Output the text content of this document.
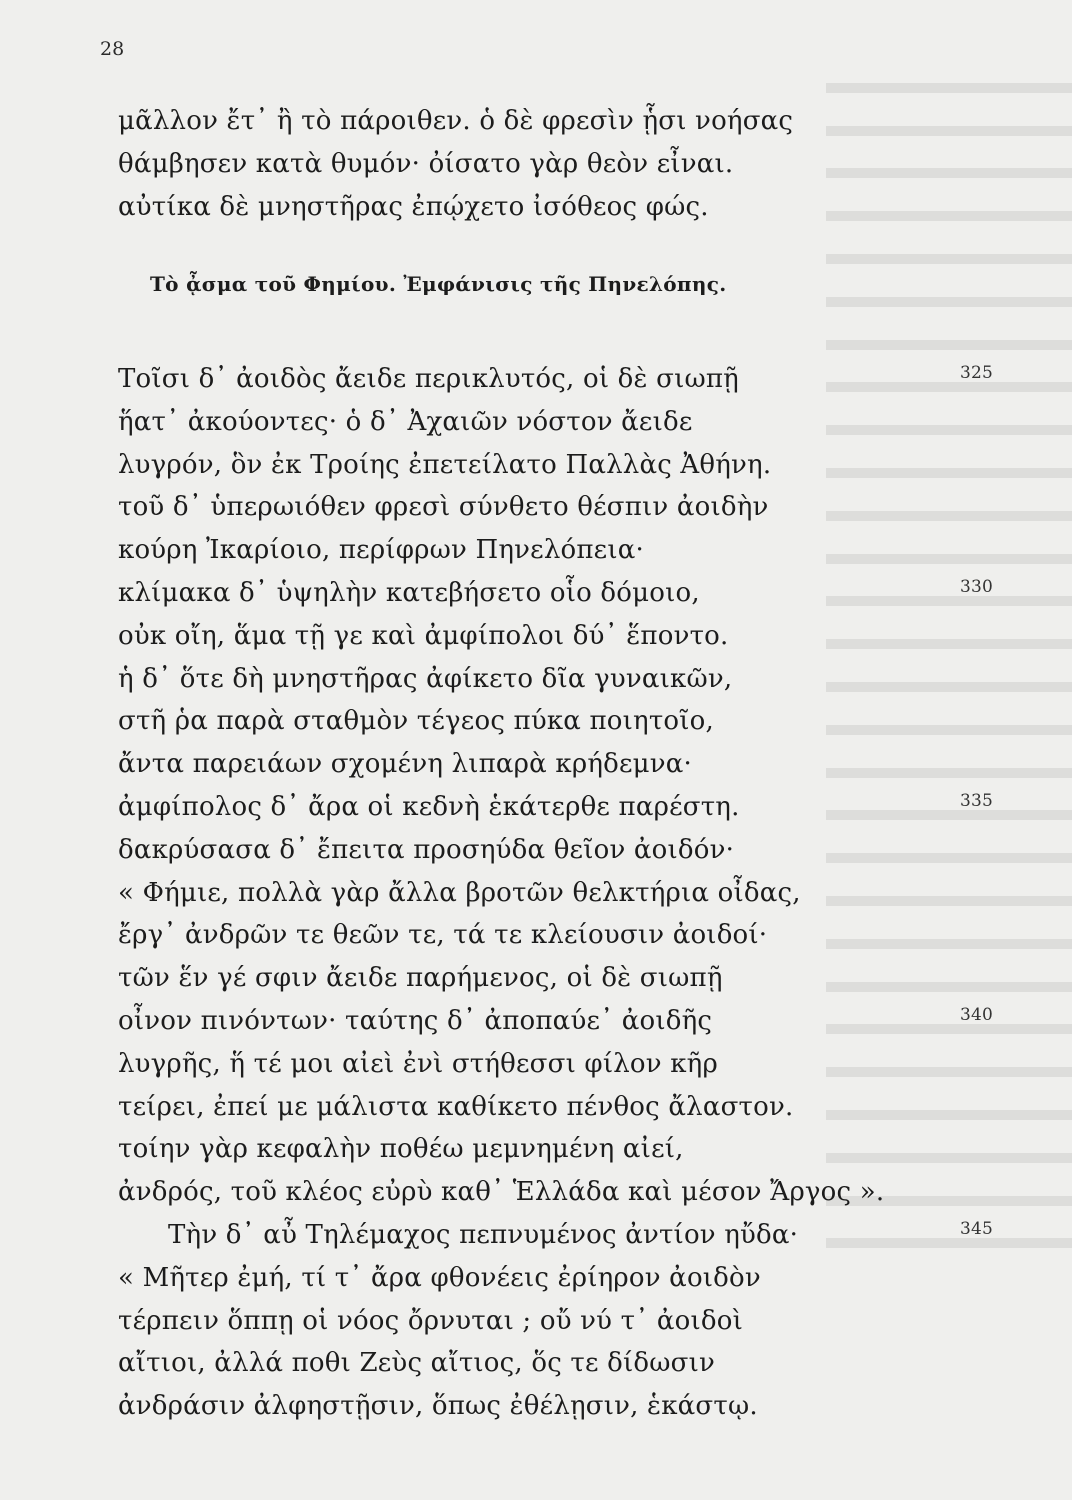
28
μᾶλλον ἔτ᾿ ἢ τὸ πάροιθεν. ὁ δὲ φρεσὶν ᾗσι νοήσας
θάμβησεν κατὰ θυμόν· ὀίσατο γὰρ θεὸν εἶναι.
αὐτίκα δὲ μνηστῆρας ἐπῴχετο ἰσόθεος φώς.
Τὸ ᾆσμα τοῦ Φημίου. Ἐμφάνισις τῆς Πηνελόπης.
Τοῖσι δ᾿ ἀοιδὸς ἄειδε περικλυτός, οἱ δὲ σιωπῇ	325
ἥατ᾿ ἀκούοντες· ὁ δ᾿ Ἀχαιῶν νόστον ἄειδε
λυγρόν, ὃν ἐκ Τροίης ἐπετείλατο Παλλὰς Ἀθήνη.
τοῦ δ᾿ ὑπερωιόθεν φρεσὶ σύνθετο θέσπιν ἀοιδὴν
κούρη Ἰκαρίοιο, περίφρων Πηνελόπεια·
κλίμακα δ᾿ ὑψηλὴν κατεβήσετο οἷο δόμοιο,	330
οὐκ οἴη, ἅμα τῇ γε καὶ ἀμφίπολοι δύ᾿ ἕποντο.
ἡ δ᾿ ὅτε δὴ μνηστῆρας ἀφίκετο δῖα γυναικῶν,
στῆ ῥα παρὰ σταθμὸν τέγεος πύκα ποιητοῖο,
ἄντα παρειάων σχομένη λιπαρὰ κρήδεμνα·
ἀμφίπολος δ᾿ ἄρα οἱ κεδνὴ ἑκάτερθε παρέστη.	335
δακρύσασα δ᾿ ἔπειτα προσηύδα θεῖον ἀοιδόν·
« Φήμιε, πολλὰ γὰρ ἄλλα βροτῶν θελκτήρια οἶδας,
ἔργ᾿ ἀνδρῶν τε θεῶν τε, τά τε κλείουσιν ἀοιδοί·
τῶν ἕν γέ σφιν ἄειδε παρήμενος, οἱ δὲ σιωπῇ
οἶνον πινόντων· ταύτης δ᾿ ἀποπαύε᾿ ἀοιδῆς	340
λυγρῆς, ἥ τέ μοι αἰεὶ ἐνὶ στήθεσσι φίλον κῆρ
τείρει, ἐπεί με μάλιστα καθίκετο πένθος ἄλαστον.
τοίην γὰρ κεφαλὴν ποθέω μεμνημένη αἰεί,
ἀνδρός, τοῦ κλέος εὐρὺ καθ᾿ Ἑλλάδα καὶ μέσον Ἄργος ».
Τὴν δ᾿ αὖ Τηλέμαχος πεπνυμένος ἀντίον ηὔδα·	345
« Μῆτερ ἐμή, τί τ᾿ ἄρα φθονέεις ἐρίηρον ἀοιδὸν
τέρπειν ὅππῃ οἱ νόος ὄρνυται ; οὔ νύ τ᾿ ἀοιδοὶ
αἴτιοι, ἀλλά ποθι Ζεὺς αἴτιος, ὅς τε δίδωσιν
ἀνδράσιν ἀλφηστῇσιν, ὅπως ἐθέλῃσιν, ἑκάστῳ.
